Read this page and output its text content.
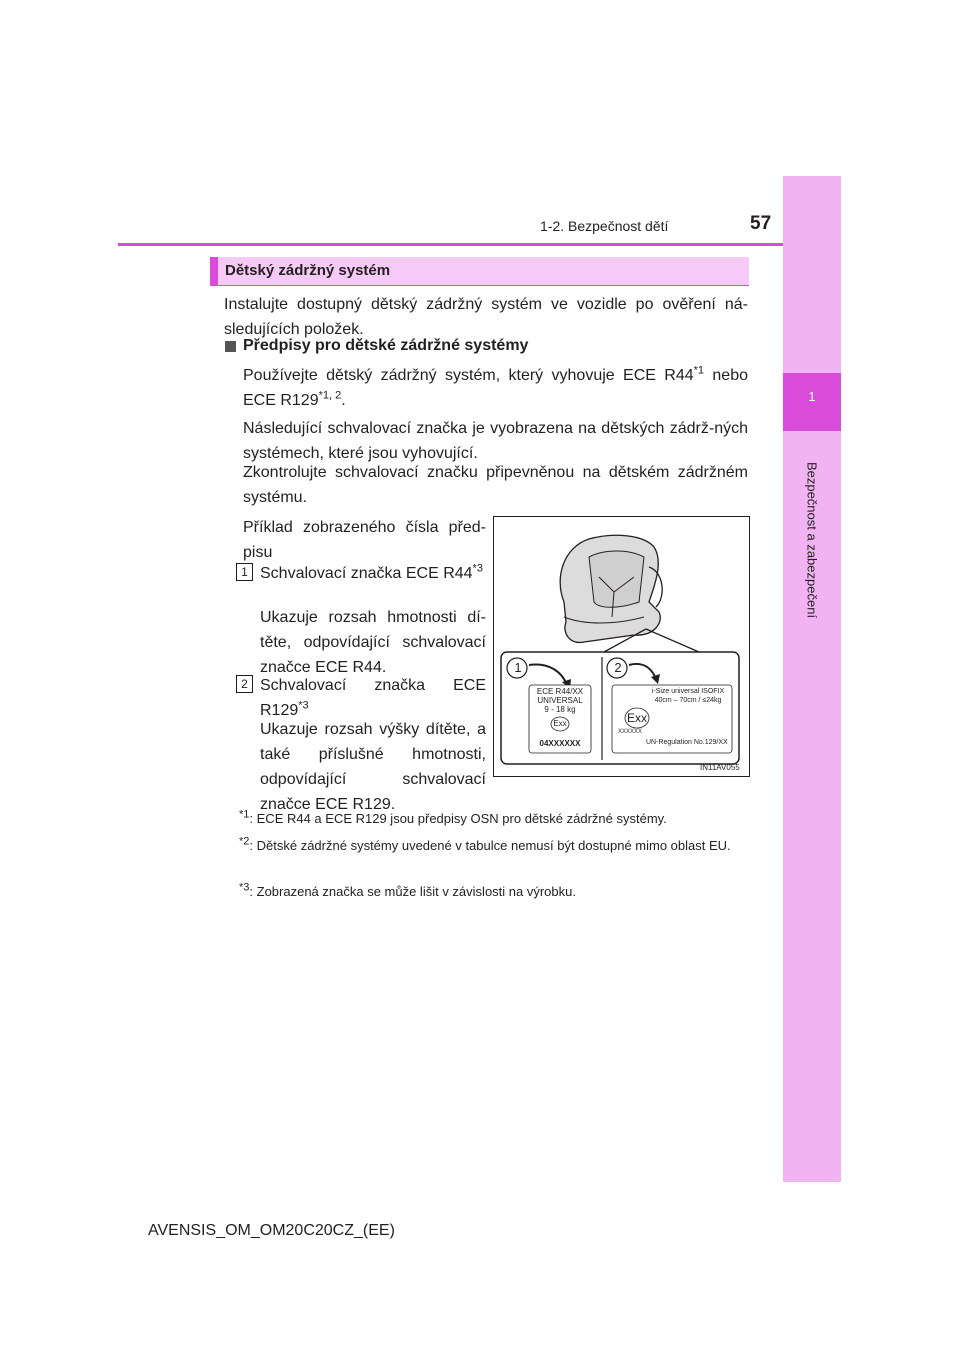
1
Bezpečnost a zabezpečení
1-2. Bezpečnost dětí	57
Dětský zádržný systém
Instalujte dostupný dětský zádržný systém ve vozidle po ověření ná-sledujících položek.
Předpisy pro dětské zádržné systémy
Používejte dětský zádržný systém, který vyhovuje ECE R44$^{*1}$ nebo ECE R129$^{*1, 2}$.
Následující schvalovací značka je vyobrazena na dětských zádrž-ných systémech, které jsou vyhovující.
Zkontrolujte schvalovací značku připevněnou na dětském zádržném systému.
Příklad zobrazeného čísla před-pisu
1 Schvalovací značka ECE R44$^{*3}$
Ukazuje rozsah hmotnosti dí-těte, odpovídající schvalovací značce ECE R44.
2 Schvalovací značka ECE R129$^{*3}$
Ukazuje rozsah výšky dítěte, a také příslušné hmotnosti, odpovídající schvalovací značce ECE R129.
1	2
ECE R44/XX
UNIVERSAL
9 - 18 kg
Exx
04XXXXXX
i-Size universal ISOFIX
40cm ‒ 70cm / ≤24kg
Exx
XXXXXX
UN-Regulation No.129/XX
IN11AV055
$^{*1}$: ECE R44 a ECE R129 jsou předpisy OSN pro dětské zádržné systémy.
$^{*2}$: Dětské zádržné systémy uvedené v tabulce nemusí být dostupné mimo oblast EU.
$^{*3}$: Zobrazená značka se může lišit v závislosti na výrobku.
AVENSIS_OM_OM20C20CZ_(EE)
